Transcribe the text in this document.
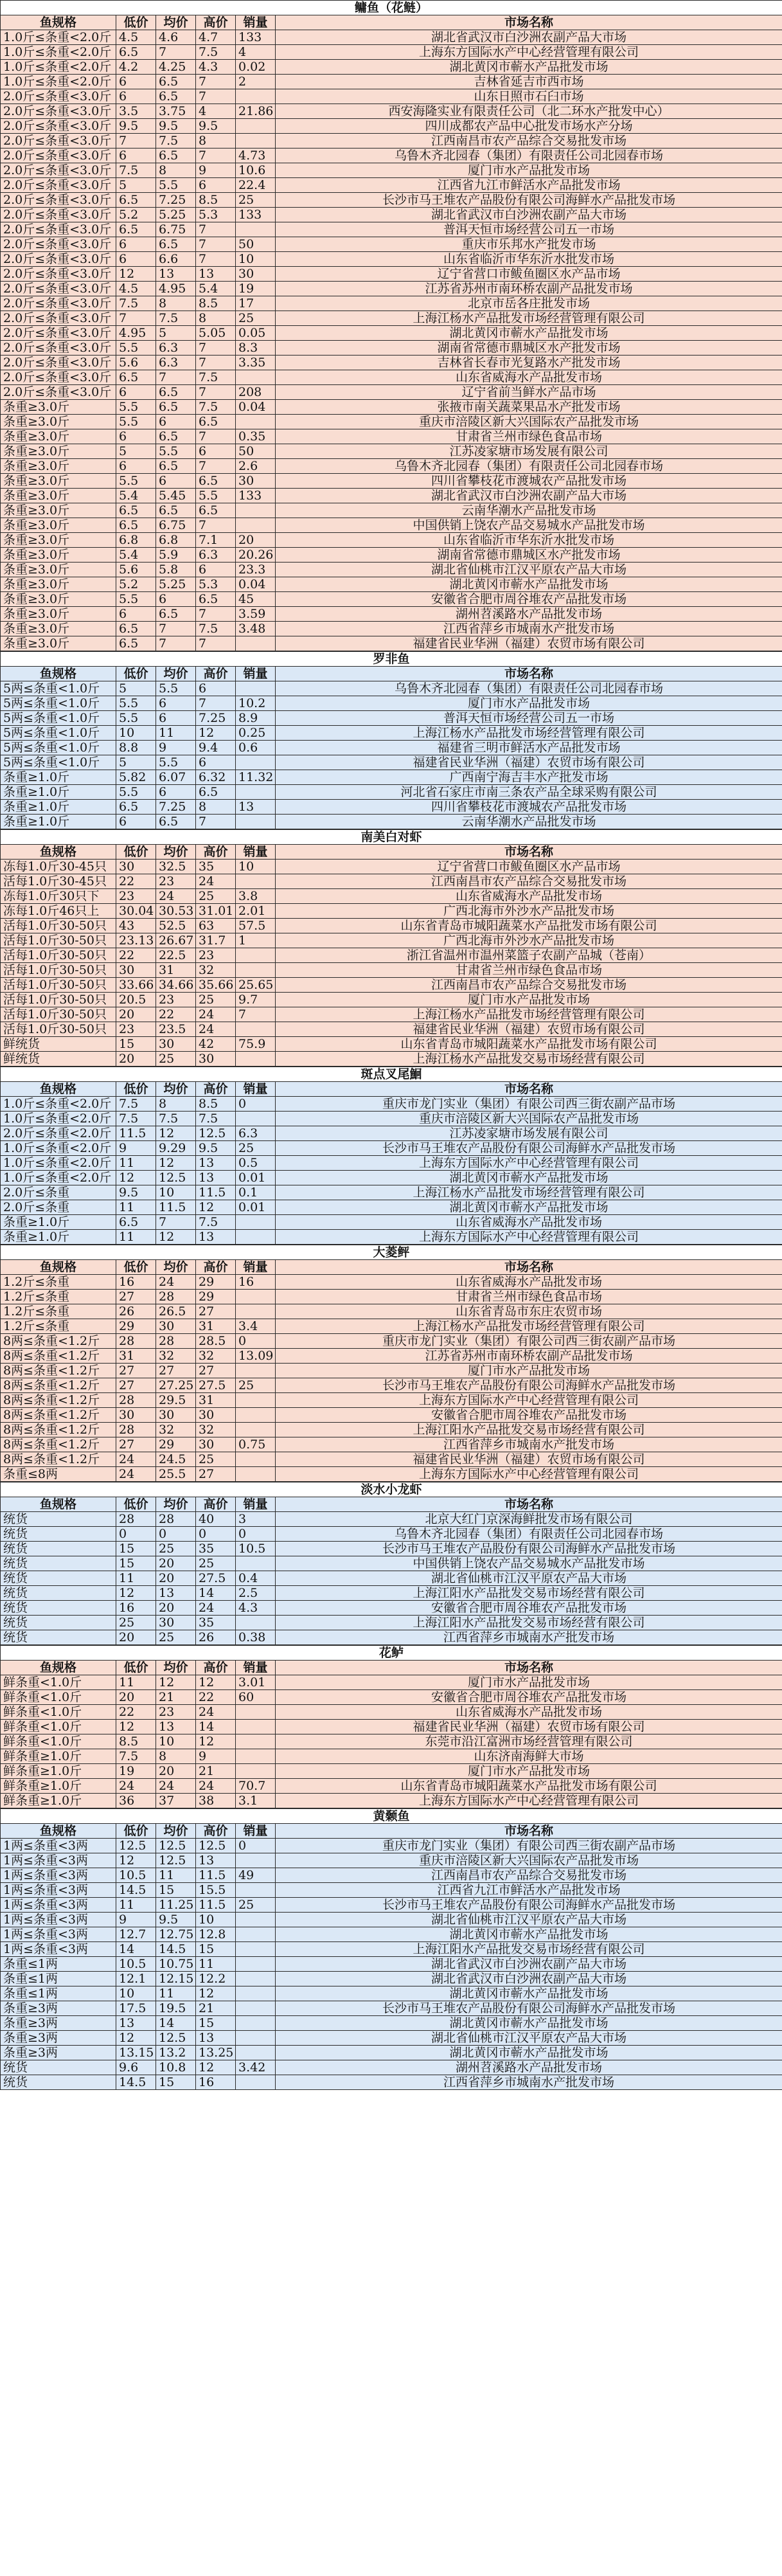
鳙鱼（花鲢）					
鱼规格	低价	均价	高价	销量	市场名称
1.0斤≤条重<2.0斤	4.5	4.6	4.7	133	湖北省武汉市白沙洲农副产品大市场
1.0斤≤条重<2.0斤	6.5	7	7.5	4	上海东方国际水产中心经营管理有限公司
1.0斤≤条重<2.0斤	4.2	4.25	4.3	0.02	湖北黄冈市蕲水产品批发市场
1.0斤≤条重<2.0斤	6	6.5	7	2	吉林省延吉市西市场
2.0斤≤条重<3.0斤	6	6.5	7		山东日照市石臼市场
2.0斤≤条重<3.0斤	3.5	3.75	4	21.86	西安海隆实业有限责任公司（北二环水产批发中心）
2.0斤≤条重<3.0斤	9.5	9.5	9.5		四川成都农产品中心批发市场水产分场
2.0斤≤条重<3.0斤	7	7.5	8		江西南昌市农产品综合交易批发市场
2.0斤≤条重<3.0斤	6	6.5	7	4.73	乌鲁木齐北园春（集团）有限责任公司北园春市场
2.0斤≤条重<3.0斤	7.5	8	9	10.6	厦门市水产品批发市场
2.0斤≤条重<3.0斤	5	5.5	6	22.4	江西省九江市鲜活水产品批发市场
2.0斤≤条重<3.0斤	6.5	7.25	8.5	25	长沙市马王堆农产品股份有限公司海鲜水产品批发市场
2.0斤≤条重<3.0斤	5.2	5.25	5.3	133	湖北省武汉市白沙洲农副产品大市场
2.0斤≤条重<3.0斤	6.5	6.75	7		普洱天恒市场经营公司五一市场
2.0斤≤条重<3.0斤	6	6.5	7	50	重庆市乐邦水产批发市场
2.0斤≤条重<3.0斤	6	6.6	7	10	山东省临沂市华东沂水批发市场
2.0斤≤条重<3.0斤	12	13	13	30	辽宁省营口市鲅鱼圈区水产品市场
2.0斤≤条重<3.0斤	4.5	4.95	5.4	19	江苏省苏州市南环桥农副产品批发市场
2.0斤≤条重<3.0斤	7.5	8	8.5	17	北京市岳各庄批发市场
2.0斤≤条重<3.0斤	7	7.5	8	25	上海江杨水产品批发市场经营管理有限公司
2.0斤≤条重<3.0斤	4.95	5	5.05	0.05	湖北黄冈市蕲水产品批发市场
2.0斤≤条重<3.0斤	5.5	6.3	7	8.3	湖南省常德市鼎城区水产批发市场
2.0斤≤条重<3.0斤	5.6	6.3	7	3.35	吉林省长春市光复路水产批发市场
2.0斤≤条重<3.0斤	6.5	7	7.5		山东省威海水产品批发市场
2.0斤≤条重<3.0斤	6	6.5	7	208	辽宁省前当鲜水产品市场
条重≥3.0斤	5.5	6.5	7.5	0.04	张掖市南关蔬菜果品水产批发市场
条重≥3.0斤	5.5	6	6.5		重庆市涪陵区新大兴国际农产品批发市场
条重≥3.0斤	6	6.5	7	0.35	甘肃省兰州市绿色食品市场
条重≥3.0斤	5	5.5	6	50	江苏凌家塘市场发展有限公司
条重≥3.0斤	6	6.5	7	2.6	乌鲁木齐北园春（集团）有限责任公司北园春市场
条重≥3.0斤	5.5	6	6.5	30	四川省攀枝花市渡城农产品批发市场
条重≥3.0斤	5.4	5.45	5.5	133	湖北省武汉市白沙洲农副产品大市场
条重≥3.0斤	6.5	6.5	6.5		云南华潮水产品批发市场
条重≥3.0斤	6.5	6.75	7		中国供销上饶农产品交易城水产品批发市场
条重≥3.0斤	6.8	6.8	7.1	20	山东省临沂市华东沂水批发市场
条重≥3.0斤	5.4	5.9	6.3	20.26	湖南省常德市鼎城区水产批发市场
条重≥3.0斤	5.6	5.8	6	23.3	湖北省仙桃市江汉平原农产品大市场
条重≥3.0斤	5.2	5.25	5.3	0.04	湖北黄冈市蕲水产品批发市场
条重≥3.0斤	5.5	6	6.5	45	安徽省合肥市周谷堆农产品批发市场
条重≥3.0斤	6	6.5	7	3.59	湖州苕溪路水产品批发市场
条重≥3.0斤	6.5	7	7.5	3.48	江西省萍乡市城南水产批发市场
条重≥3.0斤	6.5	7	7		福建省民业华洲（福建）农贸市场有限公司
罗非鱼					
鱼规格	低价	均价	高价	销量	市场名称
5两≤条重<1.0斤	5	5.5	6		乌鲁木齐北园春（集团）有限责任公司北园春市场
5两≤条重<1.0斤	5.5	6	7	10.2	厦门市水产品批发市场
5两≤条重<1.0斤	5.5	6	7.25	8.9	普洱天恒市场经营公司五一市场
5两≤条重<1.0斤	10	11	12	0.25	上海江杨水产品批发市场经营管理有限公司
5两≤条重<1.0斤	8.8	9	9.4	0.6	福建省三明市鲜活水产品批发市场
5两≤条重<1.0斤	5	5.5	6		福建省民业华洲（福建）农贸市场有限公司
条重≥1.0斤	5.82	6.07	6.32	11.32	广西南宁海吉丰水产批发市场
条重≥1.0斤	5.5	6	6.5		河北省石家庄市南三条农产品全球采购有限公司
条重≥1.0斤	6.5	7.25	8	13	四川省攀枝花市渡城农产品批发市场
条重≥1.0斤	6	6.5	7		云南华潮水产品批发市场
南美白对虾					
鱼规格	低价	均价	高价	销量	市场名称
冻每1.0斤30-45只	30	32.5	35	10	辽宁省营口市鲅鱼圈区水产品市场
活每1.0斤30-45只	22	23	24		江西南昌市农产品综合交易批发市场
冻每1.0斤30只下	23	24	25	3.8	山东省威海水产品批发市场
冻每1.0斤46只上	30.04	30.53	31.01	2.01	广西北海市外沙水产品批发市场
活每1.0斤30-50只	43	52.5	63	57.5	山东省青岛市城阳蔬菜水产品批发市场有限公司
活每1.0斤30-50只	23.13	26.67	31.7	1	广西北海市外沙水产品批发市场
活每1.0斤30-50只	22	22.5	23		浙江省温州市温州菜篮子农副产品城（苍南）
活每1.0斤30-50只	30	31	32		甘肃省兰州市绿色食品市场
活每1.0斤30-50只	33.66	34.66	35.66	25.65	江西南昌市农产品综合交易批发市场
活每1.0斤30-50只	20.5	23	25	9.7	厦门市水产品批发市场
活每1.0斤30-50只	20	22	24	7	上海江杨水产品批发市场经营管理有限公司
活每1.0斤30-50只	23	23.5	24		福建省民业华洲（福建）农贸市场有限公司
鲜统货	15	30	42	75.9	山东省青岛市城阳蔬菜水产品批发市场有限公司
鲜统货	20	25	30		上海江杨水产品批发交易市场经营有限公司
斑点叉尾鮰					
鱼规格	低价	均价	高价	销量	市场名称
1.0斤≤条重<2.0斤	7.5	8	8.5	0	重庆市龙门实业（集团）有限公司西三街农副产品市场
1.0斤≤条重<2.0斤	7.5	7.5	7.5		重庆市涪陵区新大兴国际农产品批发市场
2.0斤≤条重<2.0斤	11.5	12	12.5	6.3	江苏凌家塘市场发展有限公司
1.0斤≤条重<2.0斤	9	9.29	9.5	25	长沙市马王堆农产品股份有限公司海鲜水产品批发市场
1.0斤≤条重<2.0斤	11	12	13	0.5	上海东方国际水产中心经营管理有限公司
1.0斤≤条重<2.0斤	12	12.5	13	0.01	湖北黄冈市蕲水产品批发市场
2.0斤≤条重	9.5	10	11.5	0.1	上海江杨水产品批发市场经营管理有限公司
2.0斤≤条重	11	11.5	12	0.01	湖北黄冈市蕲水产品批发市场
条重≥1.0斤	6.5	7	7.5		山东省威海水产品批发市场
条重≥1.0斤	11	12	13		上海东方国际水产中心经营管理有限公司
大菱鲆					
鱼规格	低价	均价	高价	销量	市场名称
1.2斤≤条重	16	24	29	16	山东省威海水产品批发市场
1.2斤≤条重	27	28	29		甘肃省兰州市绿色食品市场
1.2斤≤条重	26	26.5	27		山东省青岛市东庄农贸市场
1.2斤≤条重	29	30	31	3.4	上海江杨水产品批发市场经营管理有限公司
8两≤条重<1.2斤	28	28	28.5	0	重庆市龙门实业（集团）有限公司西三街农副产品市场
8两≤条重<1.2斤	31	32	32	13.09	江苏省苏州市南环桥农副产品批发市场
8两≤条重<1.2斤	27	27	27		厦门市水产品批发市场
8两≤条重<1.2斤	27	27.25	27.5	25	长沙市马王堆农产品股份有限公司海鲜水产品批发市场
8两≤条重<1.2斤	28	29.5	31		上海东方国际水产中心经营管理有限公司
8两≤条重<1.2斤	30	30	30		安徽省合肥市周谷堆农产品批发市场
8两≤条重<1.2斤	28	32	32		上海江阳水产品批发交易市场经营有限公司
8两≤条重<1.2斤	27	29	30	0.75	江西省萍乡市城南水产批发市场
8两≤条重<1.2斤	24	24.5	25		福建省民业华洲（福建）农贸市场有限公司
条重≤8两	24	25.5	27		上海东方国际水产中心经营管理有限公司
淡水小龙虾					
鱼规格	低价	均价	高价	销量	市场名称
统货	28	28	40	3	北京大红门京深海鲜批发市场有限公司
统货	0	0	0	0	乌鲁木齐北园春（集团）有限责任公司北园春市场
统货	15	25	35	10.5	长沙市马王堆农产品股份有限公司海鲜水产品批发市场
统货	15	20	25		中国供销上饶农产品交易城水产品批发市场
统货	11	20	27.5	0.4	湖北省仙桃市江汉平原农产品大市场
统货	12	13	14	2.5	上海江阳水产品批发交易市场经营有限公司
统货	16	20	24	4.3	安徽省合肥市周谷堆农产品批发市场
统货	25	30	35		上海江阳水产品批发交易市场经营有限公司
统货	20	25	26	0.38	江西省萍乡市城南水产批发市场
花鲈					
鱼规格	低价	均价	高价	销量	市场名称
鲜条重<1.0斤	11	12	12	3.01	厦门市水产品批发市场
鲜条重<1.0斤	20	21	22	60	安徽省合肥市周谷堆农产品批发市场
鲜条重<1.0斤	22	23	24		山东省威海水产品批发市场
鲜条重<1.0斤	12	13	14		福建省民业华洲（福建）农贸市场有限公司
鲜条重<1.0斤	8.5	10	12		东莞市沿江富洲市场经营管理有限公司
鲜条重≥1.0斤	7.5	8	9		山东济南海鲜大市场
鲜条重≥1.0斤	19	20	21		厦门市水产品批发市场
鲜条重≥1.0斤	24	24	24	70.7	山东省青岛市城阳蔬菜水产品批发市场有限公司
鲜条重≥1.0斤	36	37	38	3.1	上海东方国际水产中心经营管理有限公司
黄颡鱼					
鱼规格	低价	均价	高价	销量	市场名称
1两≤条重<3两	12.5	12.5	12.5	0	重庆市龙门实业（集团）有限公司西三街农副产品市场
1两≤条重<3两	12	12.5	13		重庆市涪陵区新大兴国际农产品批发市场
1两≤条重<3两	10.5	11	11.5	49	江西南昌市农产品综合交易批发市场
1两≤条重<3两	14.5	15	15.5		江西省九江市鲜活水产品批发市场
1两≤条重<3两	11	11.25	11.5	25	长沙市马王堆农产品股份有限公司海鲜水产品批发市场
1两≤条重<3两	9	9.5	10		湖北省仙桃市江汉平原农产品大市场
1两≤条重<3两	12.7	12.75	12.8		湖北黄冈市蕲水产品批发市场
1两≤条重<3两	14	14.5	15		上海江阳水产品批发交易市场经营有限公司
条重≤1两	10.5	10.75	11		湖北省武汉市白沙洲农副产品大市场
条重≤1两	12.1	12.15	12.2		湖北省武汉市白沙洲农副产品大市场
条重≤1两	10	11	12		湖北黄冈市蕲水产品批发市场
条重≥3两	17.5	19.5	21		长沙市马王堆农产品股份有限公司海鲜水产品批发市场
条重≥3两	13	14	15		湖北黄冈市蕲水产品批发市场
条重≥3两	12	12.5	13		湖北省仙桃市江汉平原农产品大市场
条重≥3两	13.15	13.2	13.25		湖北黄冈市蕲水产品批发市场
统货	9.6	10.8	12	3.42	湖州苕溪路水产品批发市场
统货	14.5	15	16		江西省萍乡市城南水产批发市场
